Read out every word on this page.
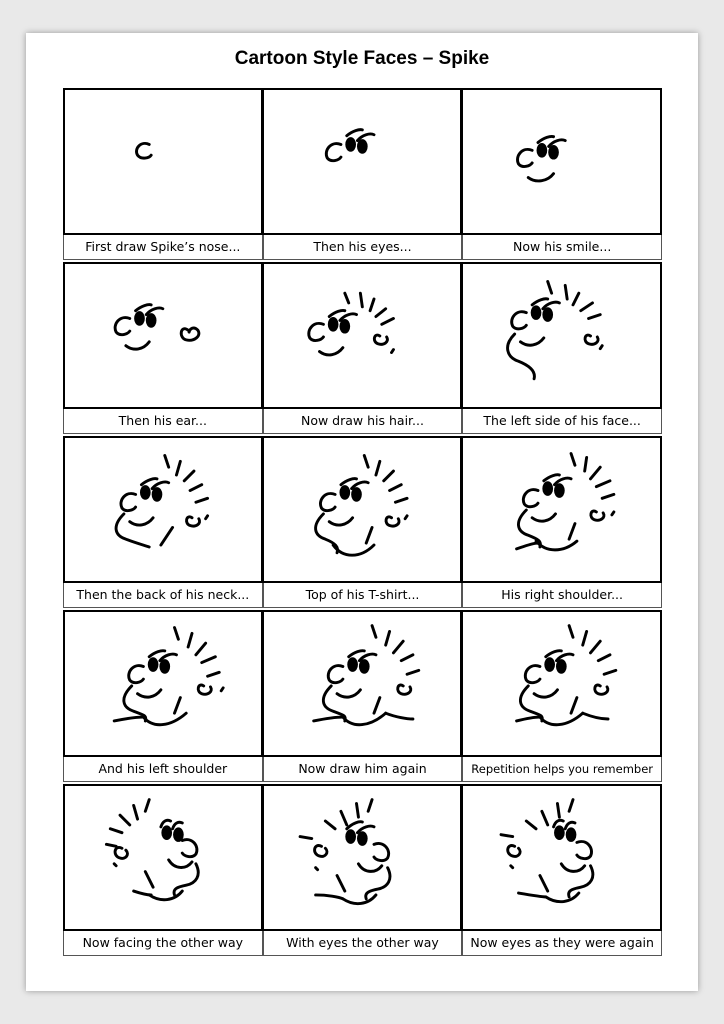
Cartoon Style Faces – Spike
First draw Spike’s nose...	Then his eyes...	Now his smile...
Then his ear...	Now draw his hair...	The left side of his face...
Then the back of his neck...	Top of his T-shirt...	His right shoulder...
And his left shoulder	Now draw him again	Repetition helps you remember
Now facing the other way	With eyes the other way	Now eyes as they were again
